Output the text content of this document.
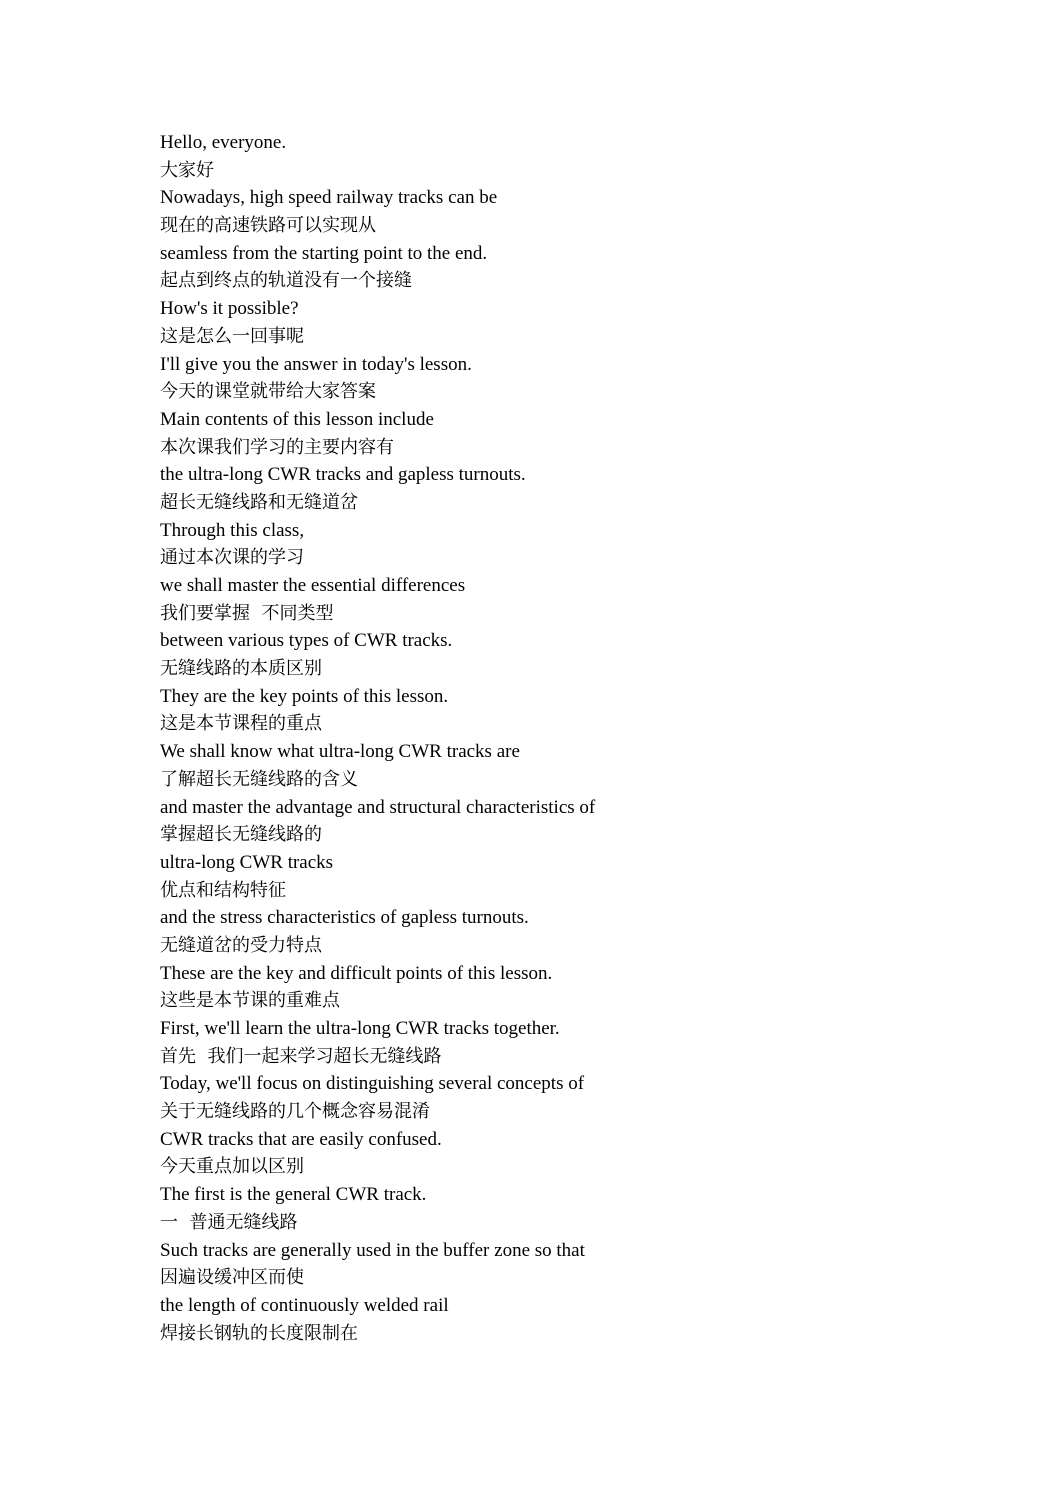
Hello, everyone.
大家好
Nowadays, high speed railway tracks can be
现在的高速铁路可以实现从
seamless from the starting point to the end.
起点到终点的轨道没有一个接缝
How's it possible?
这是怎么一回事呢
I'll give you the answer in today's lesson.
今天的课堂就带给大家答案
Main contents of this lesson include
本次课我们学习的主要内容有
the ultra-long CWR tracks and gapless turnouts.
超长无缝线路和无缝道岔
Through this class,
通过本次课的学习
we shall master the essential differences
我们要掌握  不同类型
between various types of CWR tracks.
无缝线路的本质区别
They are the key points of this lesson.
这是本节课程的重点
We shall know what ultra-long CWR tracks are
了解超长无缝线路的含义
and master the advantage and structural characteristics of
掌握超长无缝线路的
ultra-long CWR tracks
优点和结构特征
and the stress characteristics of gapless turnouts.
无缝道岔的受力特点
These are the key and difficult points of this lesson.
这些是本节课的重难点
First, we'll learn the ultra-long CWR tracks together.
首先  我们一起来学习超长无缝线路
Today, we'll focus on distinguishing several concepts of
关于无缝线路的几个概念容易混淆
CWR tracks that are easily confused.
今天重点加以区别
The first is the general CWR track.
一  普通无缝线路
Such tracks are generally used in the buffer zone so that
因遍设缓冲区而使
the length of continuously welded rail
焊接长钢轨的长度限制在
